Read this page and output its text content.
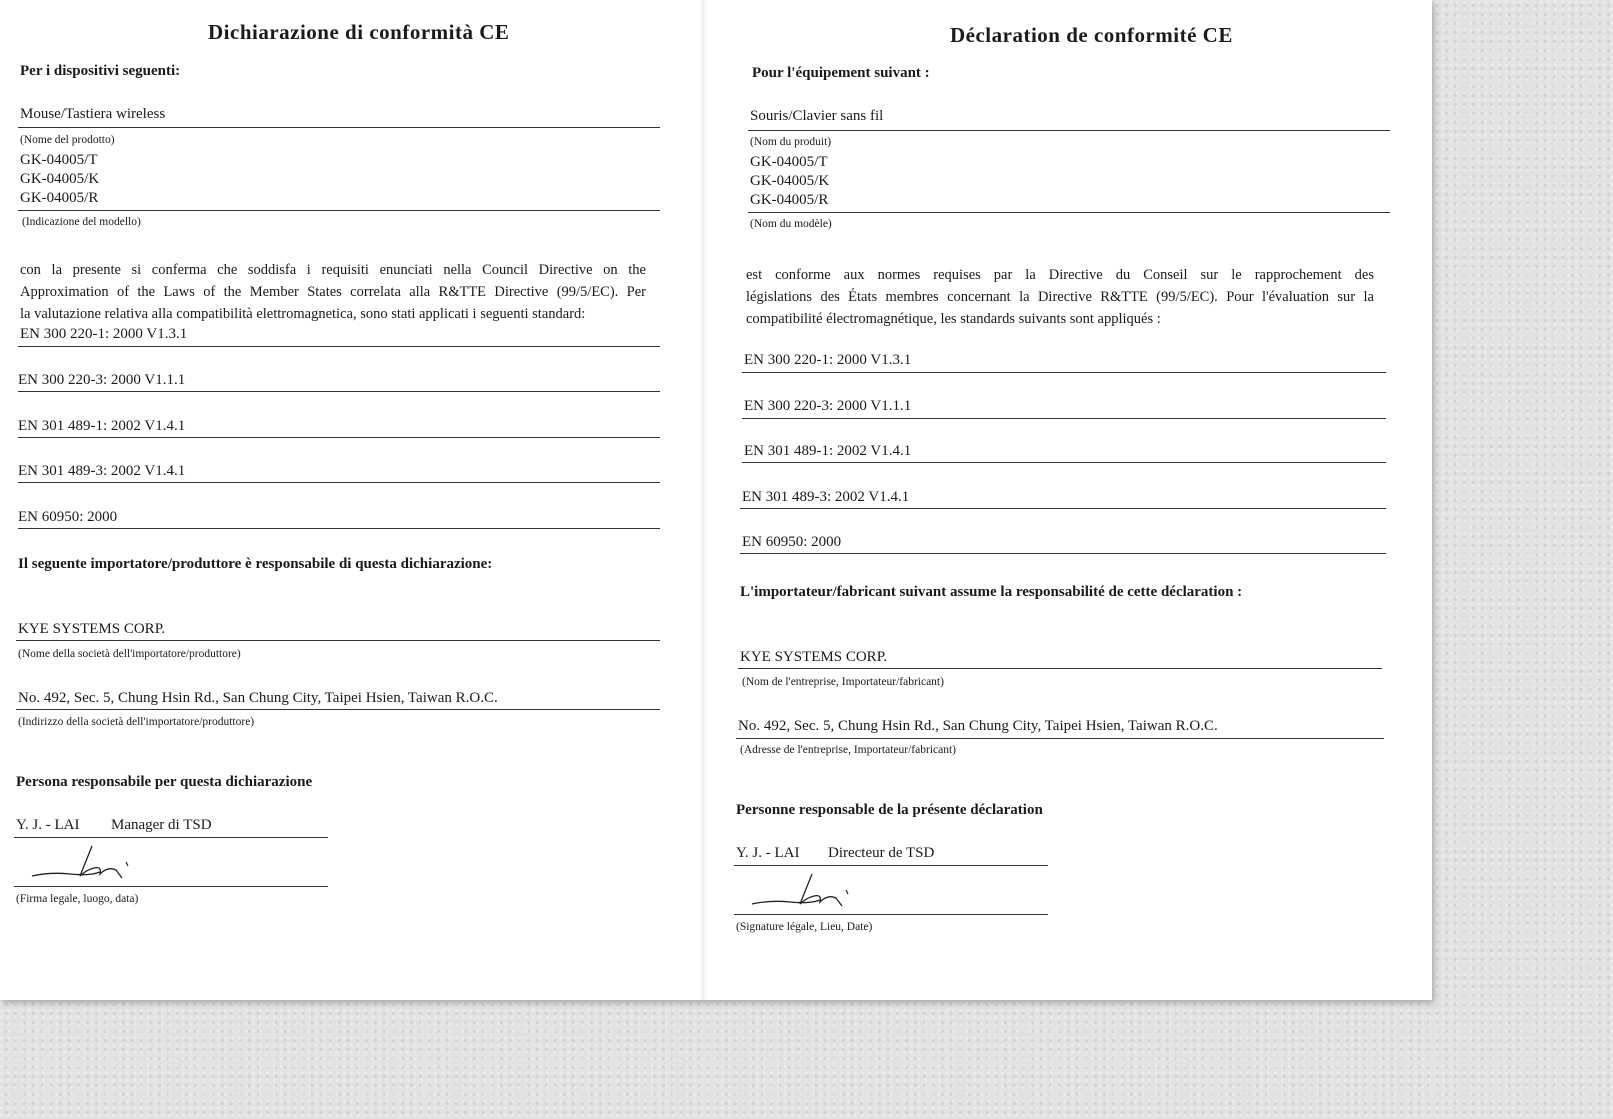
Dichiarazione di conformità CE
Per i dispositivi seguenti:
Mouse/Tastiera wireless
(Nome del prodotto)
GK-04005/T
GK-04005/K
GK-04005/R
(Indicazione del modello)
con la presente si conferma che soddisfa i requisiti enunciati nella Council Directive on the
Approximation of the Laws of the Member States correlata alla R&TTE Directive (99/5/EC). Per
la valutazione relativa alla compatibilità elettromagnetica, sono stati applicati i seguenti standard:
EN 300 220-1: 2000 V1.3.1
EN 300 220-3: 2000 V1.1.1
EN 301 489-1: 2002 V1.4.1
EN 301 489-3: 2002 V1.4.1
EN 60950: 2000
Il seguente importatore/produttore è responsabile di questa dichiarazione:
KYE SYSTEMS CORP.
(Nome della società dell'importatore/produttore)
No. 492, Sec. 5, Chung Hsin Rd., San Chung City, Taipei Hsien, Taiwan R.O.C.
(Indirizzo della società dell'importatore/produttore)
Persona responsabile per questa dichiarazione
Y. J. - LAI Manager di TSD
(Firma legale, luogo, data)
Déclaration de conformité CE
Pour l'équipement suivant :
Souris/Clavier sans fil
(Nom du produit)
GK-04005/T
GK-04005/K
GK-04005/R
(Nom du modèle)
est conforme aux normes requises par la Directive du Conseil sur le rapprochement des
législations des États membres concernant la Directive R&TTE (99/5/EC). Pour l'évaluation sur la
compatibilité électromagnétique, les standards suivants sont appliqués :
EN 300 220-1: 2000 V1.3.1
EN 300 220-3: 2000 V1.1.1
EN 301 489-1: 2002 V1.4.1
EN 301 489-3: 2002 V1.4.1
EN 60950: 2000
L'importateur/fabricant suivant assume la responsabilité de cette déclaration :
KYE SYSTEMS CORP.
(Nom de l'entreprise, Importateur/fabricant)
No. 492, Sec. 5, Chung Hsin Rd., San Chung City, Taipei Hsien, Taiwan R.O.C.
(Adresse de l'entreprise, Importateur/fabricant)
Personne responsable de la présente déclaration
Y. J. - LAI Directeur de TSD
(Signature légale, Lieu, Date)
